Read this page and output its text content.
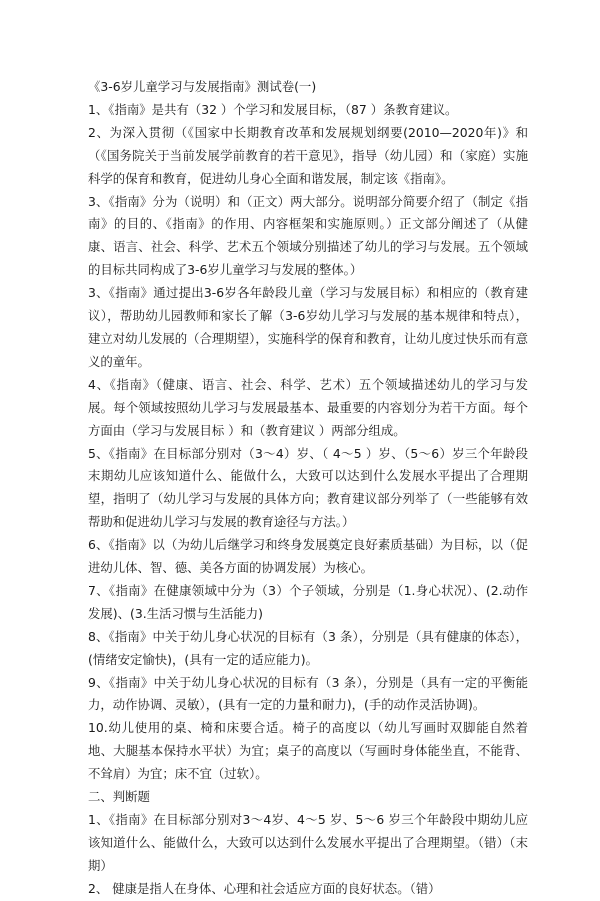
《3-6岁儿童学习与发展指南》测试卷(一)

1、《指南》是共有（32 ）个学习和发展目标，（87 ）条教育建议。

2、为深入贯彻（《国家中长期教育改革和发展规划纲要(2010—2020年)》和（《国务院关于当前发展学前教育的若干意见》，指导（幼儿园）和（家庭）实施科学的保育和教育，促进幼儿身心全面和谐发展，制定该《指南》。

3、《指南》分为（说明）和（正文）两大部分。说明部分简要介绍了（制定《指南》的目的、《指南》的作用、内容框架和实施原则。）正文部分阐述了（从健康、语言、社会、科学、艺术五个领域分别描述了幼儿的学习与发展。五个领域的目标共同构成了3-6岁儿童学习与发展的整体。）

3、《指南》通过提出3-6岁各年龄段儿童（学习与发展目标）和相应的（教育建议），帮助幼儿园教师和家长了解（3-6岁幼儿学习与发展的基本规律和特点），建立对幼儿发展的（合理期望），实施科学的保育和教育，让幼儿度过快乐而有意义的童年。

4、《指南》（健康、语言、社会、科学、艺术）五个领域描述幼儿的学习与发展。每个领域按照幼儿学习与发展最基本、最重要的内容划分为若干方面。每个方面由（学习与发展目标 ）和（教育建议 ）两部分组成。

5、《指南》在目标部分别对（3～4）岁、（ 4～5 ）岁、（5～6）岁三个年龄段末期幼儿应该知道什么、能做什么，大致可以达到什么发展水平提出了合理期望，指明了（幼儿学习与发展的具体方向；教育建议部分列举了（一些能够有效帮助和促进幼儿学习与发展的教育途径与方法。）

6、《指南》以（为幼儿后继学习和终身发展奠定良好素质基础）为目标，以（促进幼儿体、智、德、美各方面的协调发展）为核心。

7、《指南》在健康领域中分为（3）个子领域，分别是（1.身心状况）、(2.动作发展)、(3.生活习惯与生活能力)

8、《指南》中关于幼儿身心状况的目标有（3 条），分别是（具有健康的体态），(情绪安定愉快)，(具有一定的适应能力)。

9、《指南》中关于幼儿身心状况的目标有（3 条），分别是（具有一定的平衡能力，动作协调、灵敏），(具有一定的力量和耐力)，(手的动作灵活协调)。

10.幼儿使用的桌、椅和床要合适。椅子的高度以（幼儿写画时双脚能自然着地、大腿基本保持水平状）为宜；桌子的高度以（写画时身体能坐直，不能背、不耸肩）为宜；床不宜（过软）。

二、判断题

1、《指南》在目标部分别对3～4岁、4～5 岁、5～6 岁三个年龄段中期幼儿应该知道什么、能做什么，大致可以达到什么发展水平提出了合理期望。（错）（末期）

2、 健康是指人在身体、心理和社会适应方面的良好状态。（错）
